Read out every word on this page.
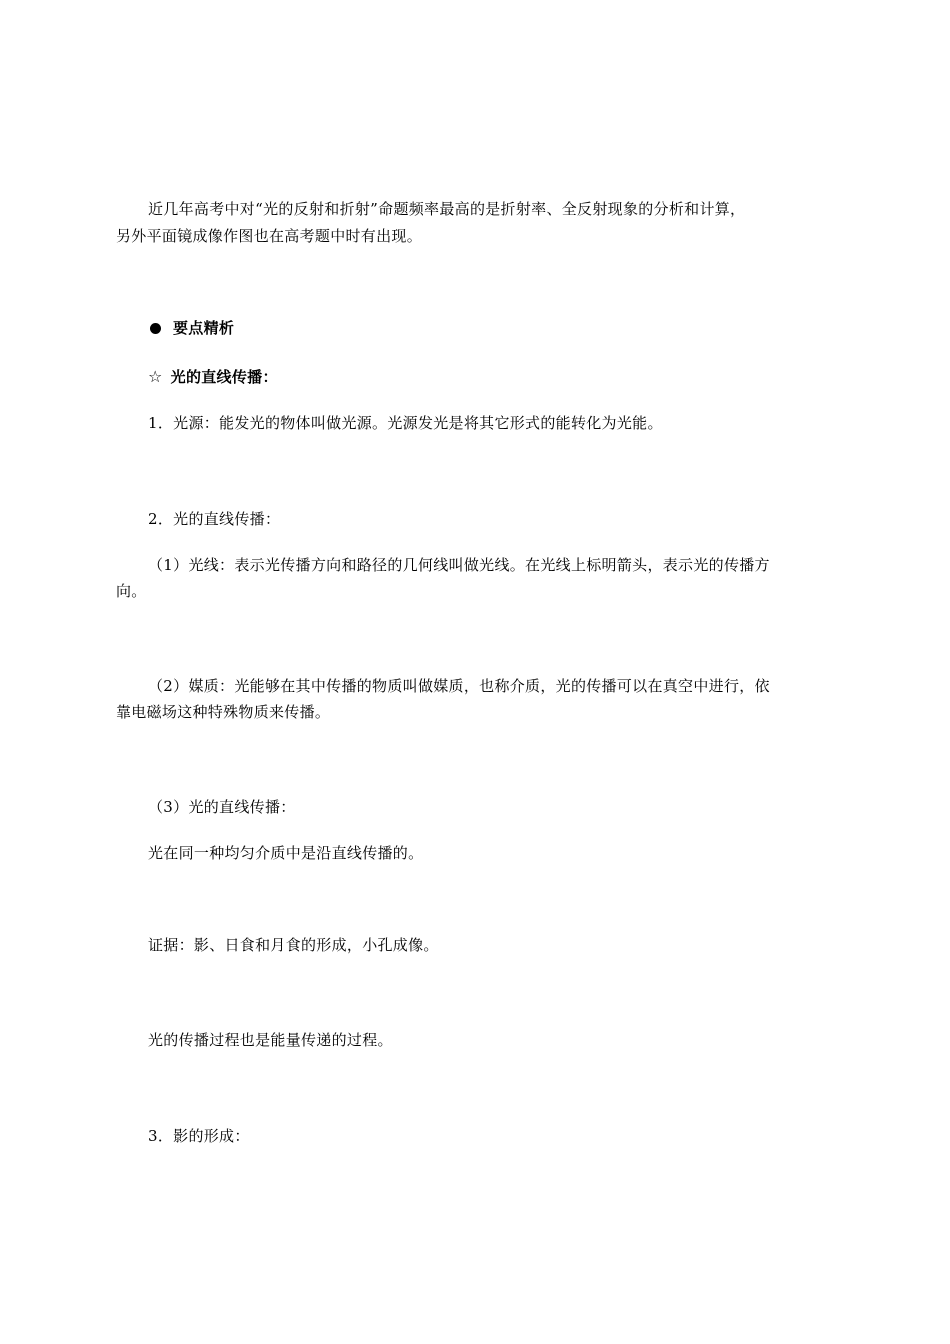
近几年高考中对“光的反射和折射”命题频率最高的是折射率、全反射现象的分析和计算，
另外平面镜成像作图也在高考题中时有出现。
要点精析
☆ 光的直线传播：
1．光源：能发光的物体叫做光源。光源发光是将其它形式的能转化为光能。
2．光的直线传播：
（1）光线：表示光传播方向和路径的几何线叫做光线。在光线上标明箭头，表示光的传播方
向。
（2）媒质：光能够在其中传播的物质叫做媒质，也称介质，光的传播可以在真空中进行，依
靠电磁场这种特殊物质来传播。
（3）光的直线传播：
光在同一种均匀介质中是沿直线传播的。
证据：影、日食和月食的形成，小孔成像。
光的传播过程也是能量传递的过程。
3．影的形成：
